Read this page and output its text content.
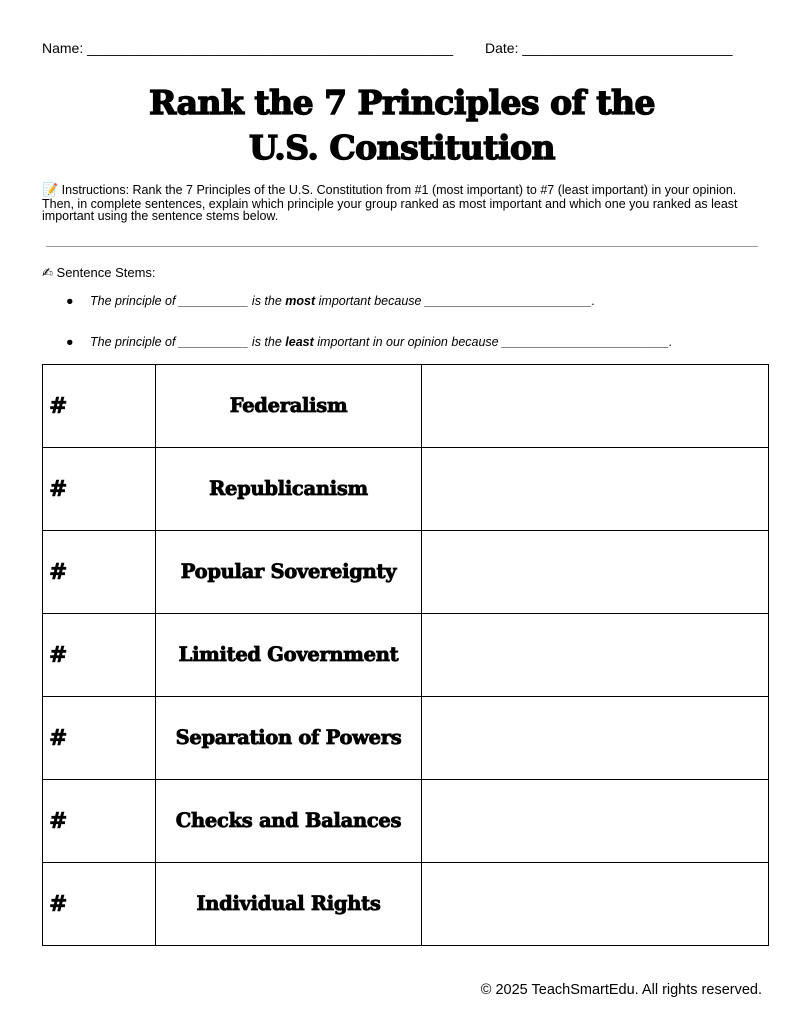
Name: _______________________________________________ Date: ___________________________
Rank the 7 Principles of the
U.S. Constitution
📝 Instructions: Rank the 7 Principles of the U.S. Constitution from #1 (most important) to #7 (least important) in your opinion. Then, in complete sentences, explain which principle your group ranked as most important and which one you ranked as least important using the sentence stems below.
✍ Sentence Stems:
● The principle of __________ is the most important because ________________________.
● The principle of __________ is the least important in our opinion because ________________________.
#	Federalism	
#	Republicanism	
#	Popular Sovereignty	
#	Limited Government	
#	Separation of Powers	
#	Checks and Balances	
#	Individual Rights	
© 2025 TeachSmartEdu. All rights reserved.
